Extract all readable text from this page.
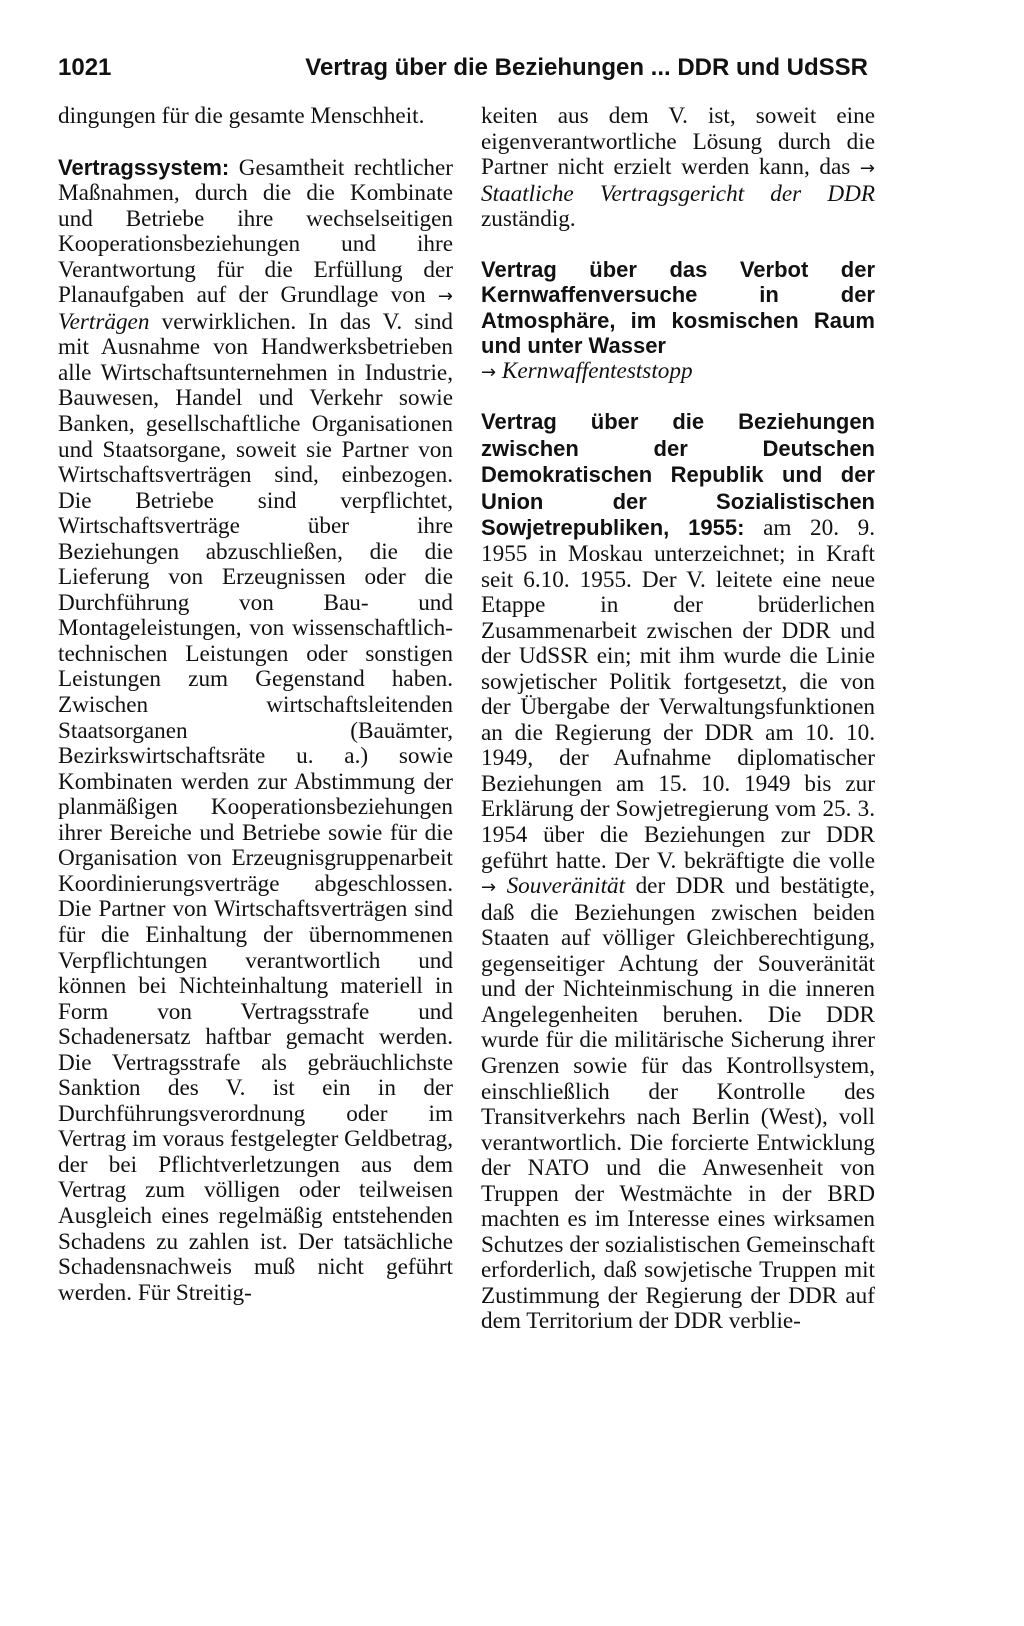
1021	Vertrag über die Beziehungen ... DDR und UdSSR

dingungen für die gesamte Menschheit.

Vertragssystem: Gesamtheit rechtlicher Maßnahmen, durch die die Kombinate und Betriebe ihre wechselseitigen Kooperationsbeziehungen und ihre Verantwortung für die Erfüllung der Planaufgaben auf der Grundlage von → Verträgen verwirklichen. In das V. sind mit Ausnahme von Handwerksbetrieben alle Wirtschaftsunternehmen in Industrie, Bauwesen, Handel und Verkehr sowie Banken, gesellschaftliche Organisationen und Staatsorgane, soweit sie Partner von Wirtschaftsverträgen sind, einbezogen. Die Betriebe sind verpflichtet, Wirtschaftsverträge über ihre Beziehungen abzuschließen, die die Lieferung von Erzeugnissen oder die Durchführung von Bau- und Montageleistungen, von wissenschaftlich-technischen Leistungen oder sonstigen Leistungen zum Gegenstand haben. Zwischen wirtschaftsleitenden Staatsorganen (Bauämter, Bezirkswirtschaftsräte u. a.) sowie Kombinaten werden zur Abstimmung der planmäßigen Kooperationsbeziehungen ihrer Bereiche und Betriebe sowie für die Organisation von Erzeugnisgruppenarbeit Koordinierungsverträge abgeschlossen. Die Partner von Wirtschaftsverträgen sind für die Einhaltung der übernommenen Verpflichtungen verantwortlich und können bei Nichteinhaltung materiell in Form von Vertragsstrafe und Schadenersatz haftbar gemacht werden. Die Vertragsstrafe als gebräuchlichste Sanktion des V. ist ein in der Durchführungsverordnung oder im Vertrag im voraus festgelegter Geldbetrag, der bei Pflichtverletzungen aus dem Vertrag zum völligen oder teilweisen Ausgleich eines regelmäßig entstehenden Schadens zu zahlen ist. Der tatsächliche Schadensnachweis muß nicht geführt werden. Für Streitig-

keiten aus dem V. ist, soweit eine eigenverantwortliche Lösung durch die Partner nicht erzielt werden kann, das → Staatliche Vertragsgericht der DDR zuständig.

Vertrag über das Verbot der Kernwaffenversuche in der Atmosphäre, im kosmischen Raum und unter Wasser

→ Kernwaffenteststopp

Vertrag über die Beziehungen zwischen der Deutschen Demokratischen Republik und der Union der Sozialistischen Sowjetrepubliken, 1955: am 20. 9. 1955 in Moskau unterzeichnet; in Kraft seit 6.10. 1955. Der V. leitete eine neue Etappe in der brüderlichen Zusammenarbeit zwischen der DDR und der UdSSR ein; mit ihm wurde die Linie sowjetischer Politik fortgesetzt, die von der Übergabe der Verwaltungsfunktionen an die Regierung der DDR am 10. 10. 1949, der Aufnahme diplomatischer Beziehungen am 15. 10. 1949 bis zur Erklärung der Sowjetregierung vom 25. 3. 1954 über die Beziehungen zur DDR geführt hatte. Der V. bekräftigte die volle → Souveränität der DDR und bestätigte, daß die Beziehungen zwischen beiden Staaten auf völliger Gleichberechtigung, gegenseitiger Achtung der Souveränität und der Nichteinmischung in die inneren Angelegenheiten beruhen. Die DDR wurde für die militärische Sicherung ihrer Grenzen sowie für das Kontrollsystem, einschließlich der Kontrolle des Transitverkehrs nach Berlin (West), voll verantwortlich. Die forcierte Entwicklung der NATO und die Anwesenheit von Truppen der Westmächte in der BRD machten es im Interesse eines wirksamen Schutzes der sozialistischen Gemeinschaft erforderlich, daß sowjetische Truppen mit Zustimmung der Regierung der DDR auf dem Territorium der DDR verblie-
